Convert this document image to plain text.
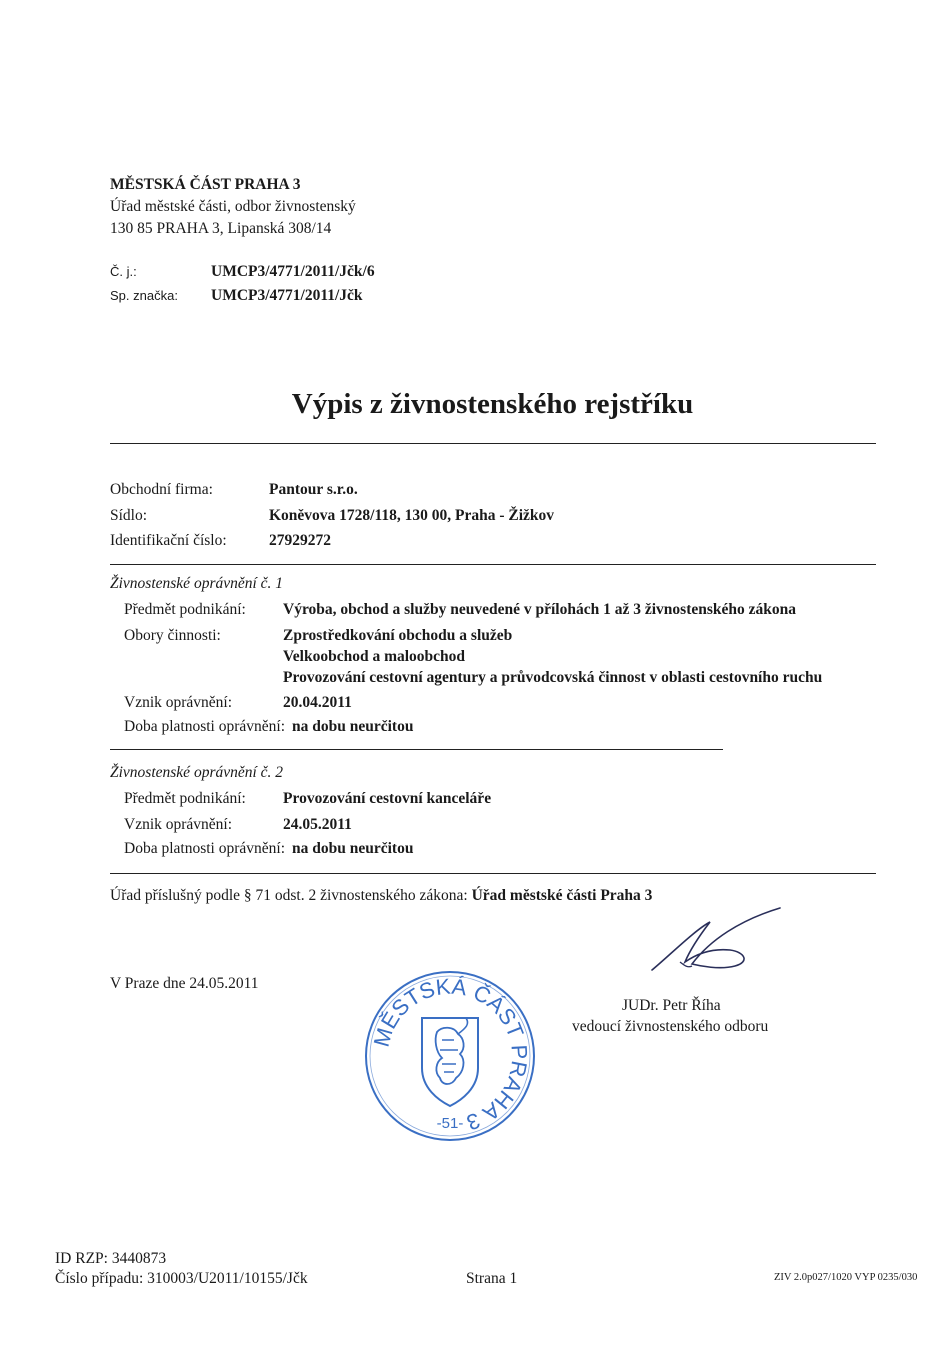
MĚSTSKÁ ČÁST PRAHA 3
Úřad městské části, odbor živnostenský
130 85 PRAHA 3, Lipanská 308/14
Č. j.:	UMCP3/4771/2011/Jčk/6
Sp. značka: UMCP3/4771/2011/Jčk
Výpis z živnostenského rejstříku
Obchodní firma:	Pantour s.r.o.
Sídlo:	Koněvova 1728/118, 130 00, Praha - Žižkov
Identifikační číslo:	27929272
Živnostenské oprávnění č. 1
Předmět podnikání: Výroba, obchod a služby neuvedené v přílohách 1 až 3 živnostenského zákona
Obory činnosti:	Zprostředkování obchodu a služeb
Velkoobchod a maloobchod
Provozování cestovní agentury a průvodcovská činnost v oblasti cestovního ruchu
Vznik oprávnění:	20.04.2011
Doba platnosti oprávnění: na dobu neurčitou
Živnostenské oprávnění č. 2
Předmět podnikání: Provozování cestovní kanceláře
Vznik oprávnění:	24.05.2011
Doba platnosti oprávnění: na dobu neurčitou
Úřad příslušný podle § 71 odst. 2 živnostenského zákona: Úřad městské části Praha 3
V Praze dne 24.05.2011
JUDr. Petr Říha
vedoucí živnostenského odboru
MĚSTSKÁ ČÁST PRAHA 3
-51-
ID RZP: 3440873
Číslo případu: 310003/U2011/10155/Jčk	Strana 1	ZIV 2.0p027/1020 VYP 0235/030
